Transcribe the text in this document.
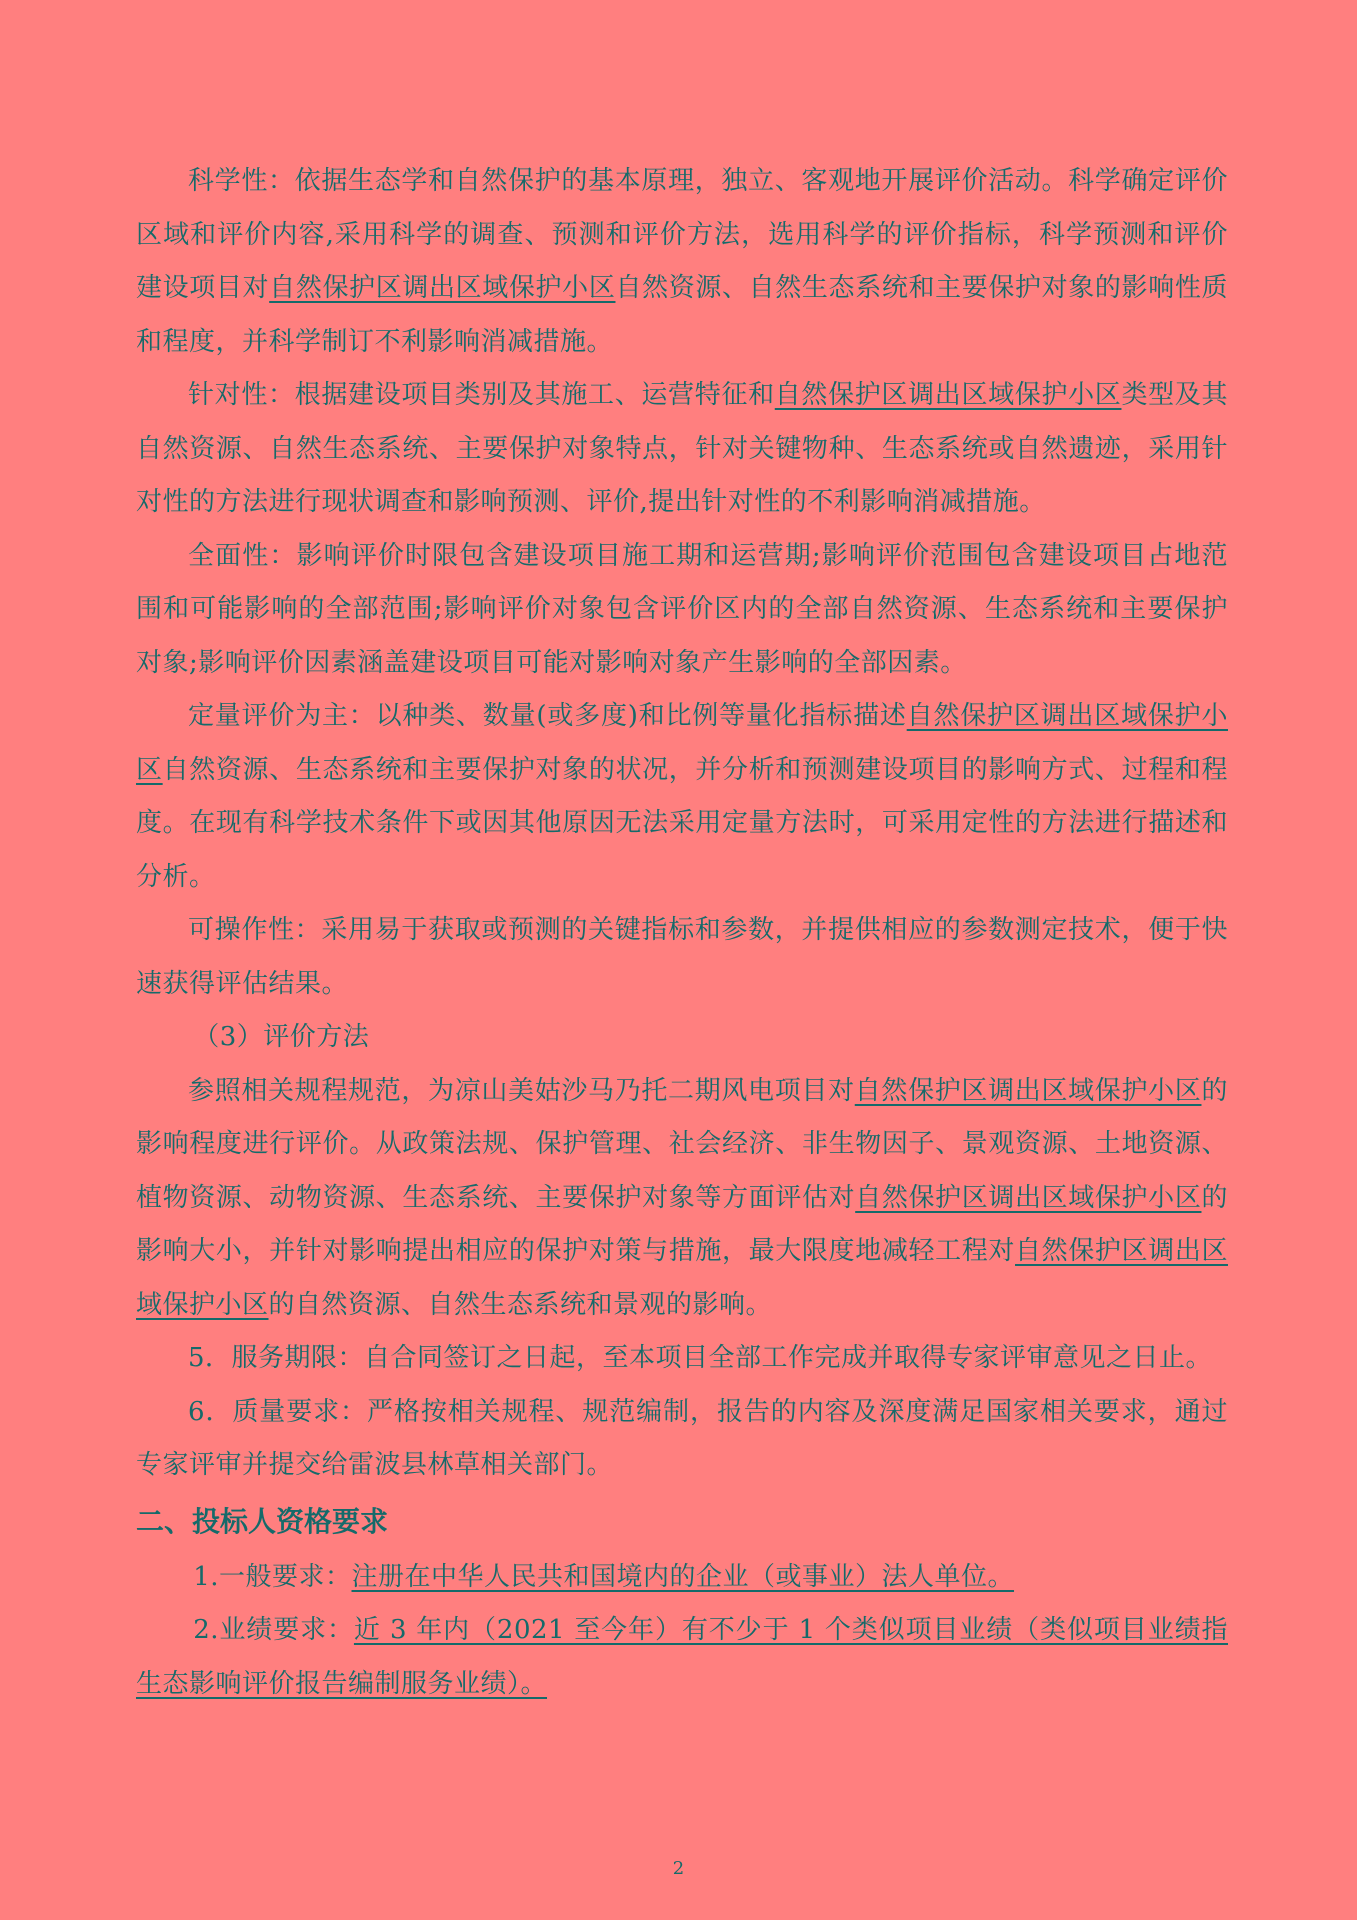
科学性：依据生态学和自然保护的基本原理，独立、客观地开展评价活动。科学确定评价区域和评价内容,采用科学的调查、预测和评价方法，选用科学的评价指标，科学预测和评价建设项目对自然保护区调出区域保护小区自然资源、自然生态系统和主要保护对象的影响性质和程度，并科学制订不利影响消减措施。

针对性：根据建设项目类别及其施工、运营特征和自然保护区调出区域保护小区类型及其自然资源、自然生态系统、主要保护对象特点，针对关键物种、生态系统或自然遗迹，采用针对性的方法进行现状调查和影响预测、评价,提出针对性的不利影响消减措施。

全面性：影响评价时限包含建设项目施工期和运营期;影响评价范围包含建设项目占地范围和可能影响的全部范围;影响评价对象包含评价区内的全部自然资源、生态系统和主要保护对象;影响评价因素涵盖建设项目可能对影响对象产生影响的全部因素。

定量评价为主：以种类、数量(或多度)和比例等量化指标描述自然保护区调出区域保护小区自然资源、生态系统和主要保护对象的状况，并分析和预测建设项目的影响方式、过程和程度。在现有科学技术条件下或因其他原因无法采用定量方法时，可采用定性的方法进行描述和分析。

可操作性：采用易于获取或预测的关键指标和参数，并提供相应的参数测定技术，便于快速获得评估结果。

（3）评价方法

参照相关规程规范，为凉山美姑沙马乃托二期风电项目对自然保护区调出区域保护小区的影响程度进行评价。从政策法规、保护管理、社会经济、非生物因子、景观资源、土地资源、植物资源、动物资源、生态系统、主要保护对象等方面评估对自然保护区调出区域保护小区的影响大小，并针对影响提出相应的保护对策与措施，最大限度地减轻工程对自然保护区调出区域保护小区的自然资源、自然生态系统和景观的影响。

5．服务期限：自合同签订之日起，至本项目全部工作完成并取得专家评审意见之日止。

6．质量要求：严格按相关规程、规范编制，报告的内容及深度满足国家相关要求，通过专家评审并提交给雷波县林草相关部门。

二、投标人资格要求

1.一般要求：注册在中华人民共和国境内的企业（或事业）法人单位。

2.业绩要求：近 3 年内（2021 至今年）有不少于 1 个类似项目业绩（类似项目业绩指生态影响评价报告编制服务业绩）。

2
